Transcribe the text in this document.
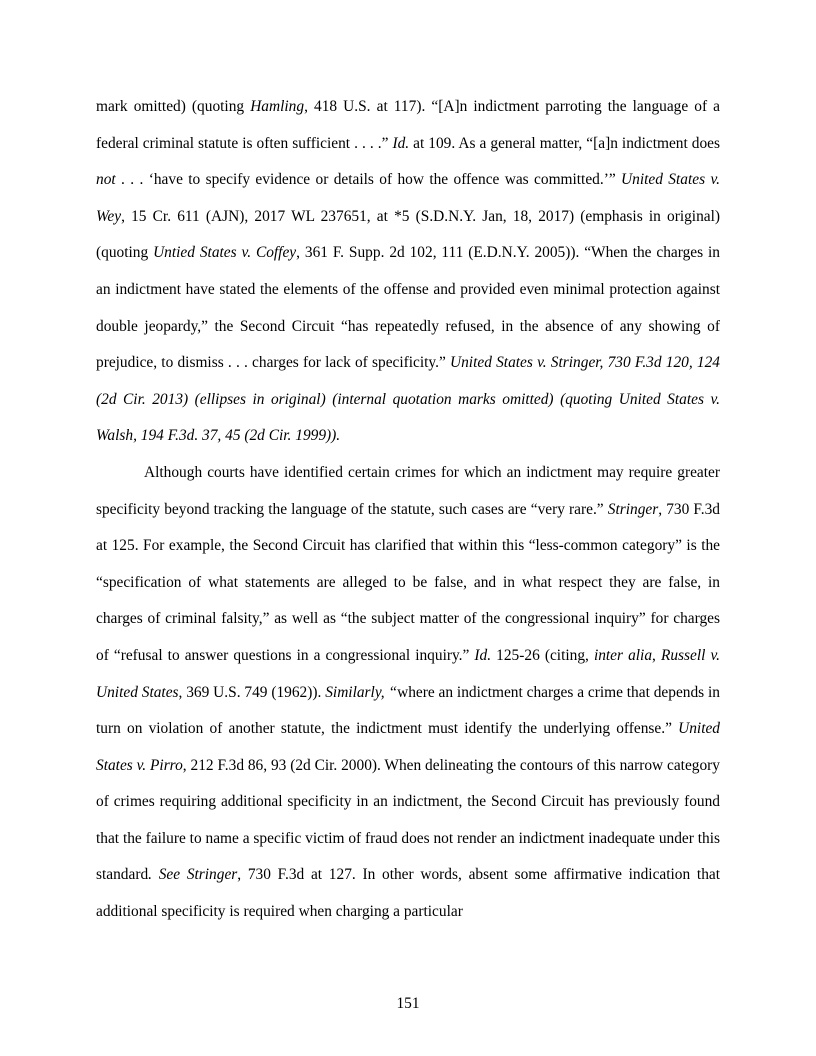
mark omitted) (quoting Hamling, 418 U.S. at 117). “[A]n indictment parroting the language of a federal criminal statute is often sufficient . . . .” Id. at 109. As a general matter, “[a]n indictment does not . . . ‘have to specify evidence or details of how the offence was committed.’” United States v. Wey, 15 Cr. 611 (AJN), 2017 WL 237651, at *5 (S.D.N.Y. Jan, 18, 2017) (emphasis in original) (quoting Untied States v. Coffey, 361 F. Supp. 2d 102, 111 (E.D.N.Y. 2005)). “When the charges in an indictment have stated the elements of the offense and provided even minimal protection against double jeopardy,” the Second Circuit “has repeatedly refused, in the absence of any showing of prejudice, to dismiss . . . charges for lack of specificity.” United States v. Stringer, 730 F.3d 120, 124 (2d Cir. 2013) (ellipses in original) (internal quotation marks omitted) (quoting United States v. Walsh, 194 F.3d. 37, 45 (2d Cir. 1999)).

Although courts have identified certain crimes for which an indictment may require greater specificity beyond tracking the language of the statute, such cases are “very rare.” Stringer, 730 F.3d at 125. For example, the Second Circuit has clarified that within this “less-common category” is the “specification of what statements are alleged to be false, and in what respect they are false, in charges of criminal falsity,” as well as “the subject matter of the congressional inquiry” for charges of “refusal to answer questions in a congressional inquiry.” Id. 125-26 (citing, inter alia, Russell v. United States, 369 U.S. 749 (1962)). Similarly, “where an indictment charges a crime that depends in turn on violation of another statute, the indictment must identify the underlying offense.” United States v. Pirro, 212 F.3d 86, 93 (2d Cir. 2000). When delineating the contours of this narrow category of crimes requiring additional specificity in an indictment, the Second Circuit has previously found that the failure to name a specific victim of fraud does not render an indictment inadequate under this standard. See Stringer, 730 F.3d at 127. In other words, absent some affirmative indication that additional specificity is required when charging a particular

151
